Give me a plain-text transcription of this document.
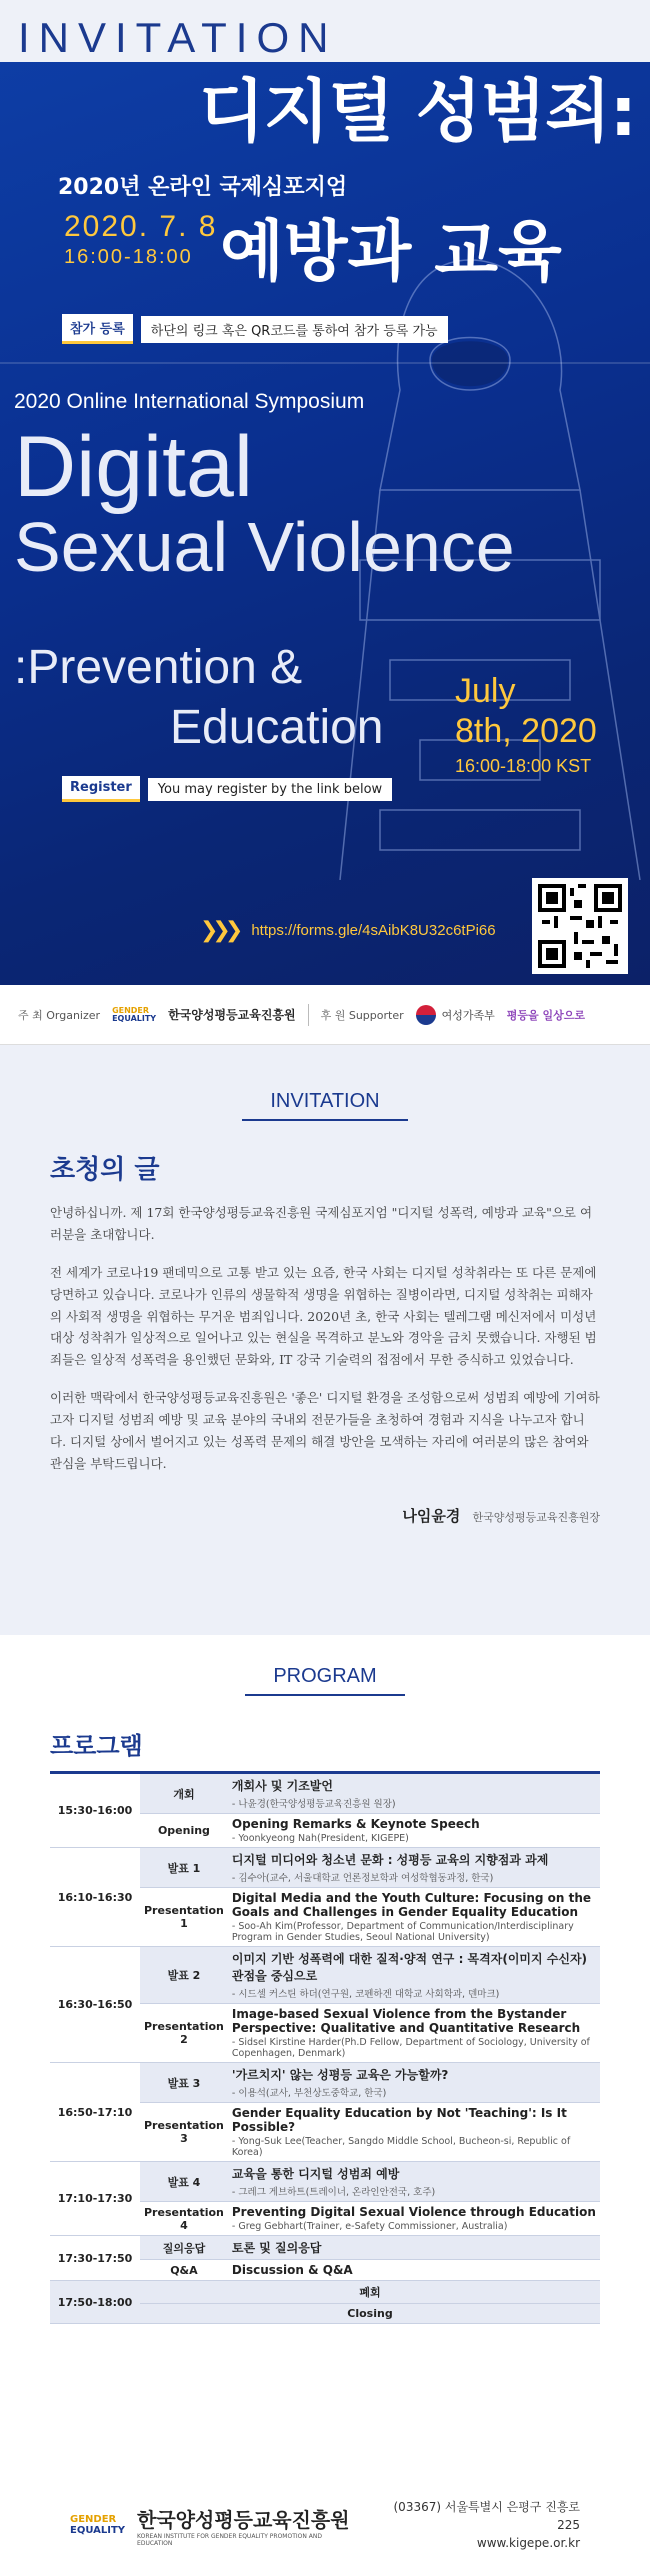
INVITATION
디지털 성범죄:
2020년 온라인 국제심포지엄
2020. 7. 8
16:00-18:00 예방과 교육
참가 등록	하단의 링크 혹은 QR코드를 통하여 참가 등록 가능
2020 Online International Symposium
Digital
Sexual Violence
:Prevention &
Education
July
8th, 2020
16:00-18:00 KST
Register	You may register by the link below
❯❯❯ https://forms.gle/4sAibK8U32c6tPi66
주 최 Organizer GENDER
EQUALITY 한국양성평등교육진흥원 후 원 Supporter	여성가족부 평등을 일상으로
INVITATION
초청의 글

안녕하십니까. 제 17회 한국양성평등교육진흥원 국제심포지엄 "디지털 성폭력, 예방과 교육"으로 여러분을 초대합니다.

전 세계가 코로나19 팬데믹으로 고통 받고 있는 요즘, 한국 사회는 디지털 성착취라는 또 다른 문제에 당면하고 있습니다. 코로나가 인류의 생물학적 생명을 위협하는 질병이라면, 디지털 성착취는 피해자의 사회적 생명을 위협하는 무거운 범죄입니다. 2020년 초, 한국 사회는 텔레그램 메신저에서 미성년 대상 성착취가 일상적으로 일어나고 있는 현실을 목격하고 분노와 경악을 금치 못했습니다. 자행된 범죄들은 일상적 성폭력을 용인했던 문화와, IT 강국 기술력의 접점에서 무한 증식하고 있었습니다.

이러한 맥락에서 한국양성평등교육진흥원은 '좋은' 디지털 환경을 조성함으로써 성범죄 예방에 기여하고자 디지털 성범죄 예방 및 교육 분야의 국내외 전문가들을 초청하여 경험과 지식을 나누고자 합니다. 디지털 상에서 벌어지고 있는 성폭력 문제의 해결 방안을 모색하는 자리에 여러분의 많은 참여와 관심을 부탁드립니다.

나임윤경 한국양성평등교육진흥원장
PROGRAM
프로그램
15:30-16:00	개회	개회사 및 기조발언
- 나윤경(한국양성평등교육진흥원 원장)

	Opening	Opening Remarks & Keynote Speech
- Yoonkyeong Nah(President, KIGEPE)

16:10-16:30	발표 1	디지털 미디어와 청소년 문화 : 성평등 교육의 지향점과 과제
- 김수아(교수, 서울대학교 언론정보학과 여성학협동과정, 한국)

	Presentation 1	Digital Media and the Youth Culture: Focusing on the Goals and Challenges in Gender Equality Education
- Soo-Ah Kim(Professor, Department of Communication/Interdisciplinary Program in Gender Studies, Seoul National University)

16:30-16:50	발표 2	이미지 기반 성폭력에 대한 질적·양적 연구 : 목격자(이미지 수신자) 관점을 중심으로
- 시드셀 커스틴 하더(연구원, 코펜하겐 대학교 사회학과, 덴마크)

	Presentation 2	Image-based Sexual Violence from the Bystander Perspective: Qualitative and Quantitative Research
- Sidsel Kirstine Harder(Ph.D Fellow, Department of Sociology, University of Copenhagen, Denmark)

16:50-17:10	발표 3	'가르치지' 않는 성평등 교육은 가능할까?
- 이용석(교사, 부천상도중학교, 한국)

	Presentation 3	Gender Equality Education by Not 'Teaching': Is It Possible?
- Yong-Suk Lee(Teacher, Sangdo Middle School, Bucheon-si, Republic of Korea)

17:10-17:30	발표 4	교육을 통한 디지털 성범죄 예방
- 그레그 게브하트(트레이너, 온라인안전국, 호주)

	Presentation 4	Preventing Digital Sexual Violence through Education
- Greg Gebhart(Trainer, e-Safety Commissioner, Australia)

17:30-17:50	질의응답	토론 및 질의응답

	Q&A	Discussion & Q&A

17:50-18:00	폐회	
	Closing	
GENDER
EQUALITY 한국양성평등교육진흥원
KOREAN INSTITUTE FOR GENDER EQUALITY PROMOTION AND EDUCATION
(03367) 서울특별시 은평구 진흥로 225
www.kigepe.or.kr
